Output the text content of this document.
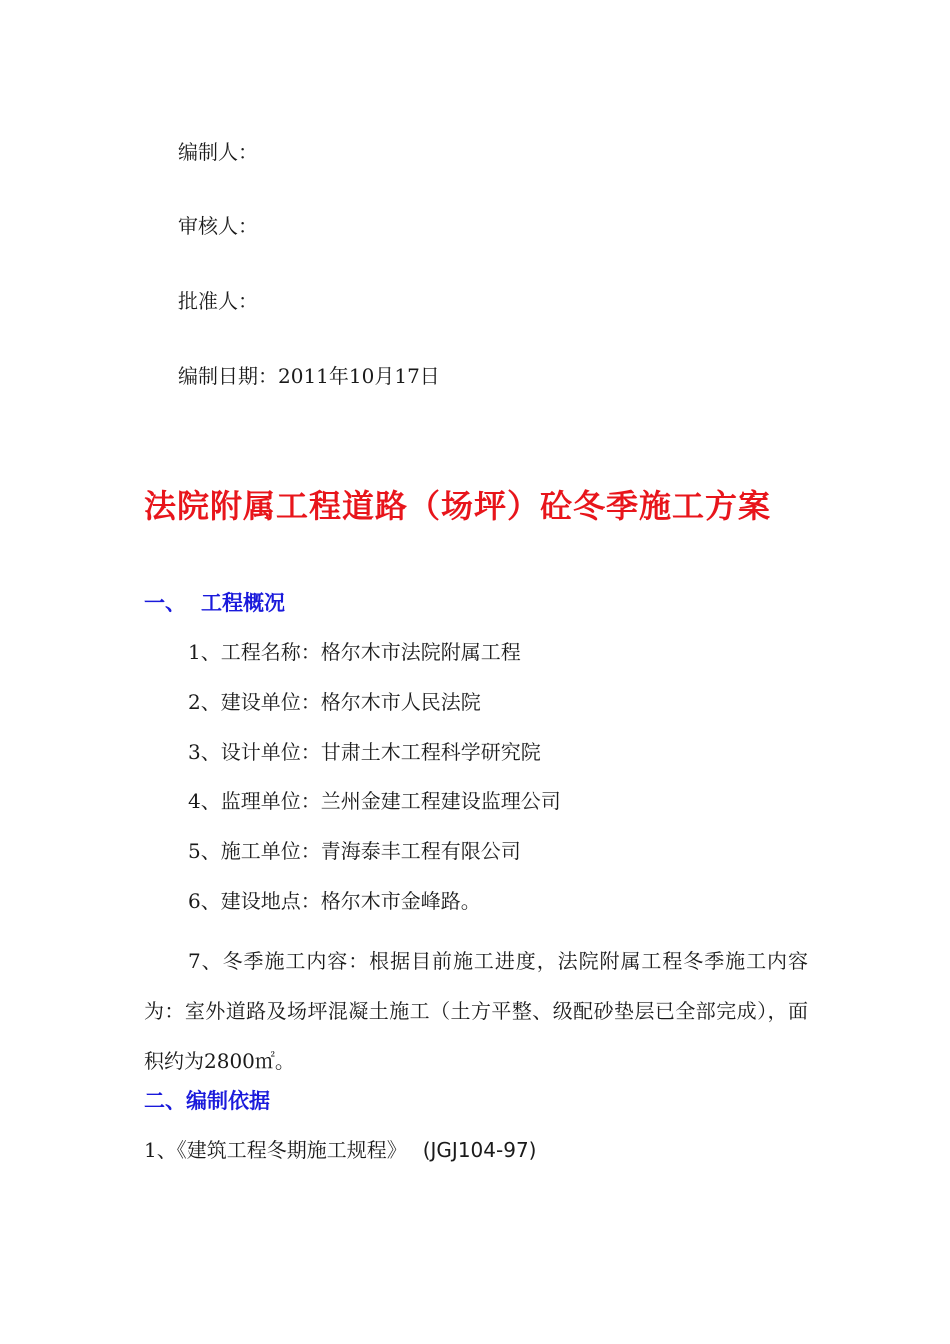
编制人：
审核人：
批准人：
编制日期：2011年10月17日
法院附属工程道路（场坪）砼冬季施工方案
一、 工程概况
1、工程名称：格尔木市法院附属工程
2、建设单位：格尔木市人民法院
3、设计单位：甘肃土木工程科学研究院
4、监理单位：兰州金建工程建设监理公司
5、施工单位：青海泰丰工程有限公司
6、建设地点：格尔木市金峰路。

7、冬季施工内容：根据目前施工进度，法院附属工程冬季施工内容为：室外道路及场坪混凝土施工（土方平整、级配砂垫层已全部完成），面积约为2800㎡。

二、编制依据
1、《建筑工程冬期施工规程》 (JGJ104-97)
